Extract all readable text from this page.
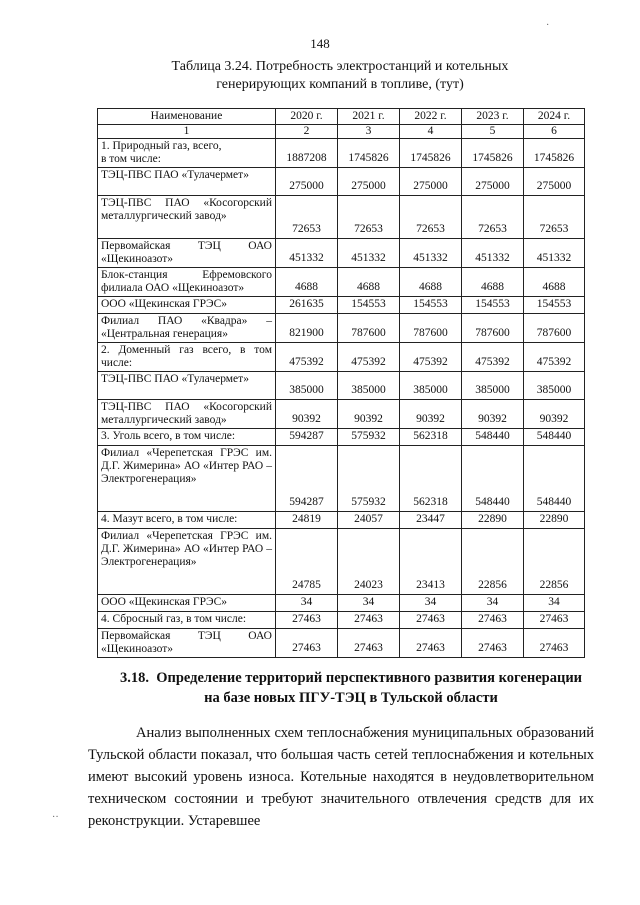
148
Таблица 3.24. Потребность электростанций и котельных
генерирующих компаний в топливе, (тут)
Наименование	2020 г.	2021 г.	2022 г.	2023 г.	2024 г.
1	2	3	4	5	6
1. Природный газ, всего,
в том числе:	1887208	1745826	1745826	1745826	1745826
ТЭЦ-ПВС ПАО «Тулачермет»	275000	275000	275000	275000	275000
ТЭЦ-ПВС ПАО «Косогорский металлургический завод»	72653	72653	72653	72653	72653
Первомайская ТЭЦ ОАО «Щекиноазот»	451332	451332	451332	451332	451332
Блок-станция Ефремовского филиала ОАО «Щекиноазот»	4688	4688	4688	4688	4688
ООО «Щекинская ГРЭС»	261635	154553	154553	154553	154553
Филиал ПАО «Квадра» – «Центральная генерация»	821900	787600	787600	787600	787600
2. Доменный газ всего, в том числе:	475392	475392	475392	475392	475392
ТЭЦ-ПВС ПАО «Тулачермет»	385000	385000	385000	385000	385000
ТЭЦ-ПВС ПАО «Косогорский металлургический завод»	90392	90392	90392	90392	90392
3. Уголь всего, в том числе:	594287	575932	562318	548440	548440
Филиал «Черепетская ГРЭС им. Д.Г. Жимерина» АО «Интер РАО – Электрогенерация»	594287	575932	562318	548440	548440
4. Мазут всего, в том числе:	24819	24057	23447	22890	22890
Филиал «Черепетская ГРЭС им. Д.Г. Жимерина» АО «Интер РАО – Электрогенерация»	24785	24023	23413	22856	22856
ООО «Щекинская ГРЭС»	34	34	34	34	34
4. Сбросный газ, в том числе:	27463	27463	27463	27463	27463
Первомайская ТЭЦ ОАО «Щекиноазот»	27463	27463	27463	27463	27463
3.18. Определение территорий перспективного развития когенерации
на базе новых ПГУ-ТЭЦ в Тульской области

Анализ выполненных схем теплоснабжения муниципальных образований Тульской области показал, что большая часть сетей теплоснабжения и котельных имеют высокий уровень износа. Котельные находятся в неудовлетворительном техническом состоянии и требуют значительного отвлечения средств для их реконструкции. Устаревшее

·
··
